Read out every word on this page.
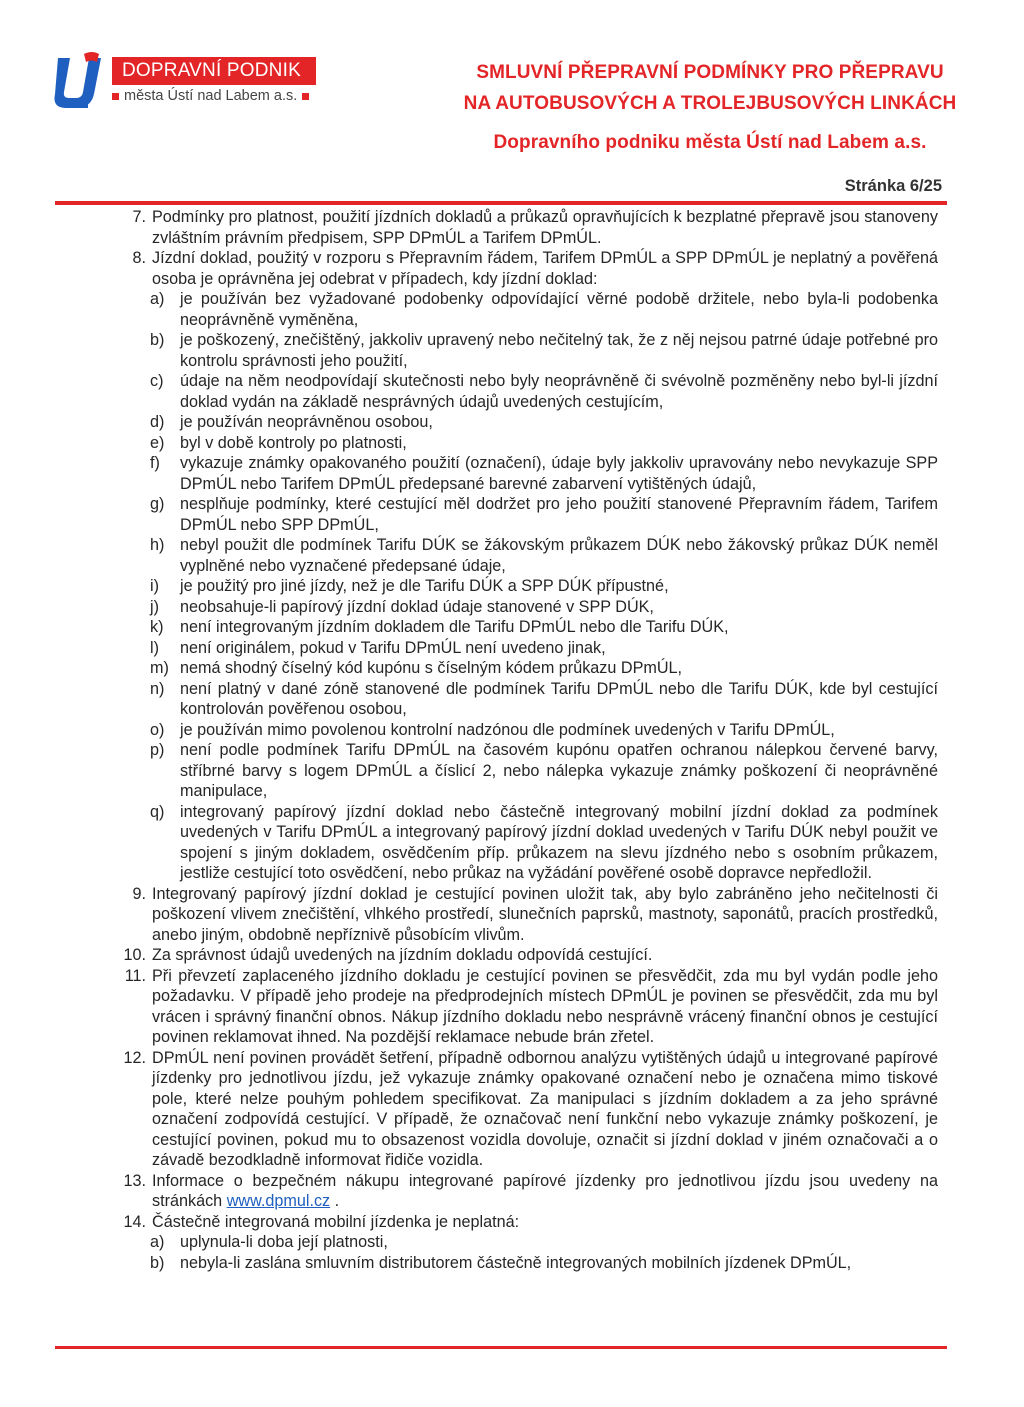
DOPRAVNÍ PODNIK
města Ústí nad Labem a.s.
SMLUVNÍ PŘEPRAVNÍ PODMÍNKY PRO PŘEPRAVU
NA AUTOBUSOVÝCH A TROLEJBUSOVÝCH LINKÁCH
Dopravního podniku města Ústí nad Labem a.s.
Stránka 6/25
7. Podmínky pro platnost, použití jízdních dokladů a průkazů opravňujících k bezplatné přepravě jsou stanoveny zvláštním právním předpisem, SPP DPmÚL a Tarifem DPmÚL.
8. Jízdní doklad, použitý v rozporu s Přepravním řádem, Tarifem DPmÚL a SPP DPmÚL je neplatný a pověřená osoba je oprávněna jej odebrat v případech, kdy jízdní doklad:
a) je používán bez vyžadované podobenky odpovídající věrné podobě držitele, nebo byla-li podobenka neoprávněně vyměněna,
b) je poškozený, znečištěný, jakkoliv upravený nebo nečitelný tak, že z něj nejsou patrné údaje potřebné pro kontrolu správnosti jeho použití,
c) údaje na něm neodpovídají skutečnosti nebo byly neoprávněně či svévolně pozměněny nebo byl-li jízdní doklad vydán na základě nesprávných údajů uvedených cestujícím,
d) je používán neoprávněnou osobou,
e) byl v době kontroly po platnosti,
f) vykazuje známky opakovaného použití (označení), údaje byly jakkoliv upravovány nebo nevykazuje SPP DPmÚL nebo Tarifem DPmÚL předepsané barevné zabarvení vytištěných údajů,
g) nesplňuje podmínky, které cestující měl dodržet pro jeho použití stanovené Přepravním řádem, Tarifem DPmÚL nebo SPP DPmÚL,
h) nebyl použit dle podmínek Tarifu DÚK se žákovským průkazem DÚK nebo žákovský průkaz DÚK neměl vyplněné nebo vyznačené předepsané údaje,
i) je použitý pro jiné jízdy, než je dle Tarifu DÚK a SPP DÚK přípustné,
j) neobsahuje-li papírový jízdní doklad údaje stanovené v SPP DÚK,
k) není integrovaným jízdním dokladem dle Tarifu DPmÚL nebo dle Tarifu DÚK,
l) není originálem, pokud v Tarifu DPmÚL není uvedeno jinak,
m) nemá shodný číselný kód kupónu s číselným kódem průkazu DPmÚL,
n) není platný v dané zóně stanovené dle podmínek Tarifu DPmÚL nebo dle Tarifu DÚK, kde byl cestující kontrolován pověřenou osobou,
o) je používán mimo povolenou kontrolní nadzónou dle podmínek uvedených v Tarifu DPmÚL,
p) není podle podmínek Tarifu DPmÚL na časovém kupónu opatřen ochranou nálepkou červené barvy, stříbrné barvy s logem DPmÚL a číslicí 2, nebo nálepka vykazuje známky poškození či neoprávněné manipulace,
q) integrovaný papírový jízdní doklad nebo částečně integrovaný mobilní jízdní doklad za podmínek uvedených v Tarifu DPmÚL a integrovaný papírový jízdní doklad uvedených v Tarifu DÚK nebyl použit ve spojení s jiným dokladem, osvědčením příp. průkazem na slevu jízdného nebo s osobním průkazem, jestliže cestující toto osvědčení, nebo průkaz na vyžádání pověřené osobě dopravce nepředložil.
9. Integrovaný papírový jízdní doklad je cestující povinen uložit tak, aby bylo zabráněno jeho nečitelnosti či poškození vlivem znečištění, vlhkého prostředí, slunečních paprsků, mastnoty, saponátů, pracích prostředků, anebo jiným, obdobně nepříznivě působícím vlivům.
10. Za správnost údajů uvedených na jízdním dokladu odpovídá cestující.
11. Při převzetí zaplaceného jízdního dokladu je cestující povinen se přesvědčit, zda mu byl vydán podle jeho požadavku. V případě jeho prodeje na předprodejních místech DPmÚL je povinen se přesvědčit, zda mu byl vrácen i správný finanční obnos. Nákup jízdního dokladu nebo nesprávně vrácený finanční obnos je cestující povinen reklamovat ihned. Na pozdější reklamace nebude brán zřetel.
12. DPmÚL není povinen provádět šetření, případně odbornou analýzu vytištěných údajů u integrované papírové jízdenky pro jednotlivou jízdu, jež vykazuje známky opakované označení nebo je označena mimo tiskové pole, které nelze pouhým pohledem specifikovat. Za manipulaci s jízdním dokladem a za jeho správné označení zodpovídá cestující. V případě, že označovač není funkční nebo vykazuje známky poškození, je cestující povinen, pokud mu to obsazenost vozidla dovoluje, označit si jízdní doklad v jiném označovači a o závadě bezodkladně informovat řidiče vozidla.
13. Informace o bezpečném nákupu integrované papírové jízdenky pro jednotlivou jízdu jsou uvedeny na stránkách www.dpmul.cz .
14. Částečně integrovaná mobilní jízdenka je neplatná:
a) uplynula-li doba její platnosti,
b) nebyla-li zaslána smluvním distributorem částečně integrovaných mobilních jízdenek DPmÚL,
